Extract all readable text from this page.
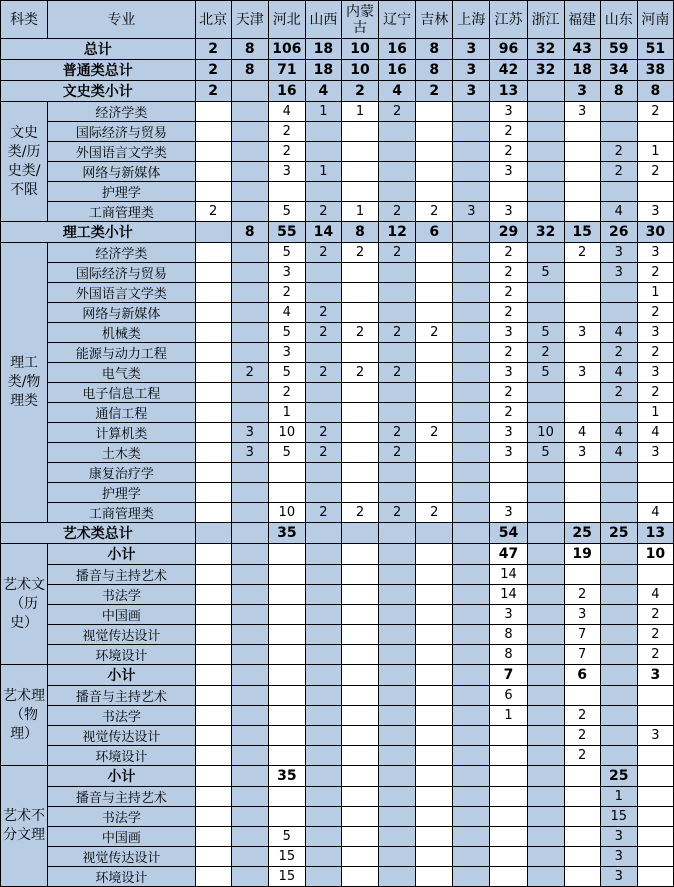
科类	专业	北京	天津	河北	山西	内蒙古	辽宁	吉林	上海	江苏	浙江	福建	山东	河南
总计		2	8	106	18	10	16	8	3	96	32	43	59	51
普通类总计		2	8	71	18	10	16	8	3	42	32	18	34	38
文史类小计		2		16	4	2	4	2	3	13		3	8	8
文史类/历史类/不限	经济学类			4	1	1	2			3		3		2
	国际经济与贸易			2						2				
	外国语言文学类			2						2			2	1
	网络与新媒体			3	1					3			2	2
	护理学													
	工商管理类	2		5	2	1	2	2	3	3			4	3
理工类小计			8	55	14	8	12	6		29	32	15	26	30
理工类/物理类	经济学类			5	2	2	2			2		2	3	3
	国际经济与贸易			3						2	5		3	2
	外国语言文学类			2						2				1
	网络与新媒体			4	2					2				2
	机械类			5	2	2	2	2		3	5	3	4	3
	能源与动力工程			3						2	2		2	2
	电气类		2	5	2	2	2			3	5	3	4	3
	电子信息工程			2						2			2	2
	通信工程			1						2				1
	计算机类		3	10	2		2	2		3	10	4	4	4
	土木类		3	5	2		2			3	5	3	4	3
	康复治疗学													
	护理学													
	工商管理类			10	2	2	2	2		3				4
艺术类总计				35						54		25	25	13
艺术文（历史）	小计									47		19		10
	播音与主持艺术									14				
	书法学									14		2		4
	中国画									3		3		2
	视觉传达设计									8		7		2
	环境设计									8		7		2
艺术理（物理）	小计									7		6		3
	播音与主持艺术									6				
	书法学									1		2		
	视觉传达设计											2		3
	环境设计											2		
艺术不分文理	小计			35									25	
	播音与主持艺术												1	
	书法学												15	
	中国画			5									3	
	视觉传达设计			15									3	
	环境设计			15									3	
